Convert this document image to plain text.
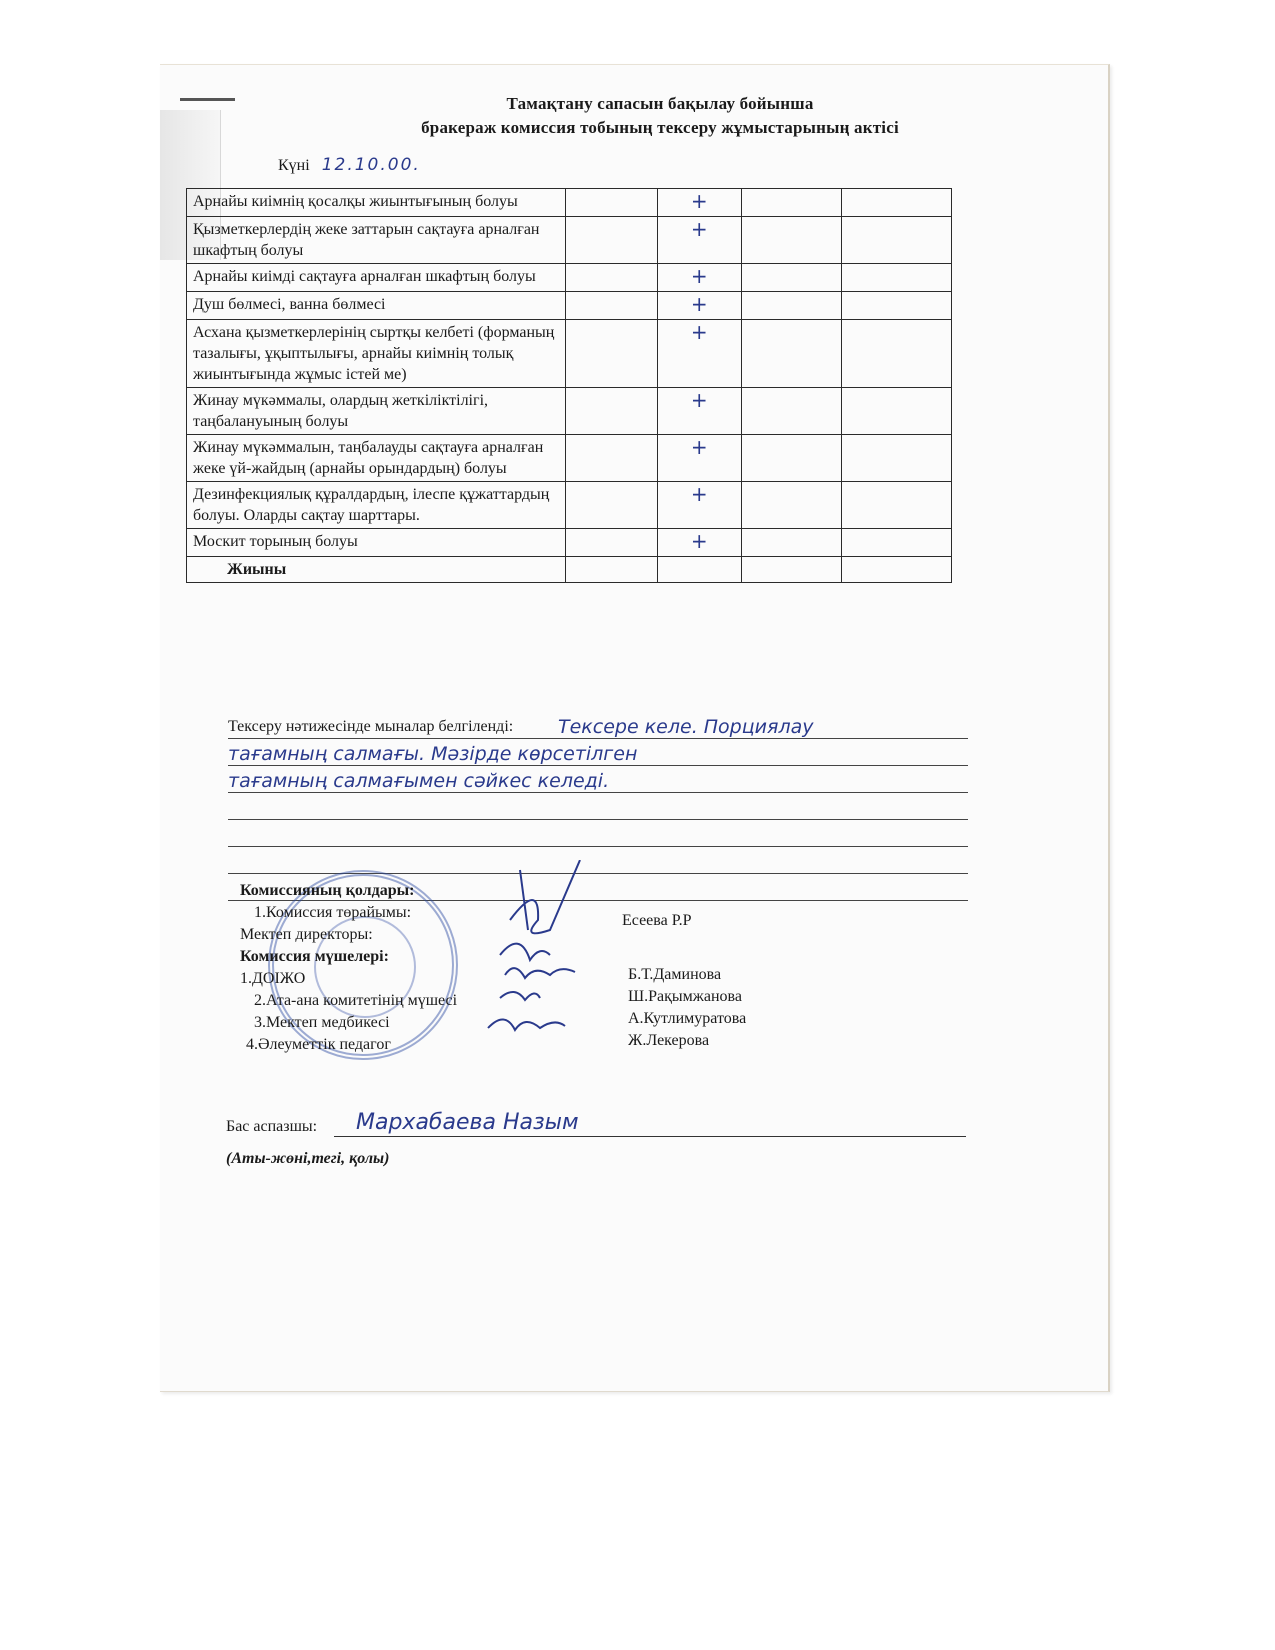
Тамақтану сапасын бақылау бойынша
бракераж комиссия тобының тексеру жұмыстарының актісі
Күні 12.10.00.
Арнайы киімнің қосалқы жиынтығының болуы		+		
Қызметкерлердің жеке заттарын сақтауға арналған шкафтың болуы		+		
Арнайы киімді сақтауға арналған шкафтың болуы		+		
Душ бөлмесі, ванна бөлмесі		+		
Асхана қызметкерлерінің сыртқы келбеті (форманың тазалығы, ұқыптылығы, арнайы киімнің толық жиынтығында жұмыс істей ме)		+		
Жинау мүкәммалы, олардың жеткіліктілігі, таңбалануының болуы		+		
Жинау мүкәммалын, таңбалауды сақтауға арналған жеке үй-жайдың (арнайы орындардың) болуы		+		
Дезинфекциялық құралдардың, ілеспе құжаттардың болуы. Оларды сақтау шарттары.		+		
Москит торының болуы		+		
Жиыны				
Тексеру нәтижесінде мыналар белгіленді: Тексере келе. Порциялау
тағамның салмағы. Мәзірде көрсетілген
тағамның салмағымен сәйкес келеді.
Комиссияның қолдары:
1.Комиссия төрайымы:
Мектеп директоры:
Комиссия мүшелері:
1.ДОІЖО
2.Ата-ана комитетінің мүшесі
3.Мектеп медбикесі
4.Әлеуметтік педагог
Есеева Р.Р
Б.Т.Даминова
Ш.Рақымжанова
А.Кутлимуратова
Ж.Лекерова
Бас аспазшы: Мархабаева Назым
(Аты-жөні,тегі, қолы)
